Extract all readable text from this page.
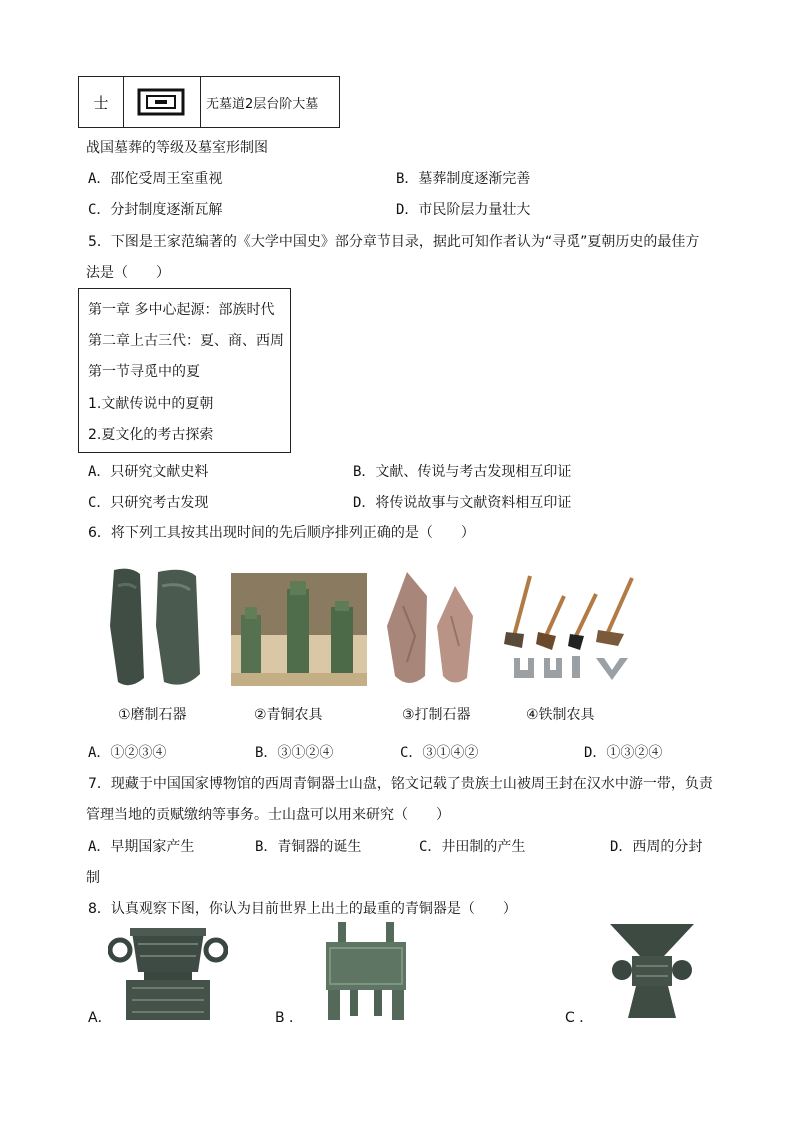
士	无墓道2层台阶大墓
战国墓葬的等级及墓室形制图
A．邵佗受周王室重视	B．墓葬制度逐渐完善
C．分封制度逐渐瓦解	D．市民阶层力量壮大
5．下图是王家范编著的《大学中国史》部分章节目录，据此可知作者认为“寻觅”夏朝历史的最佳方
法是（　　）
第一章 多中心起源：部族时代
第二章上古三代：夏、商、西周
第一节寻觅中的夏
1.文献传说中的夏朝
2.夏文化的考古探索
A．只研究文献史料	B．文献、传说与考古发现相互印证
C．只研究考古发现	D．将传说故事与文献资料相互印证
6．将下列工具按其出现时间的先后顺序排列正确的是（　　）
①磨制石器	②青铜农具	③打制石器	④铁制农具
A．①②③④	B．③①②④	C．③①④②	D．①③②④
7．现藏于中国国家博物馆的西周青铜器士山盘，铭文记载了贵族士山被周王封在汉水中游一带，负责
管理当地的贡赋缴纳等事务。士山盘可以用来研究（　　）
A．早期国家产生	B．青铜器的诞生	C．井田制的产生	D．西周的分封
制
8．认真观察下图，你认为目前世界上出土的最重的青铜器是（　　）
A．	B ．	C ．
